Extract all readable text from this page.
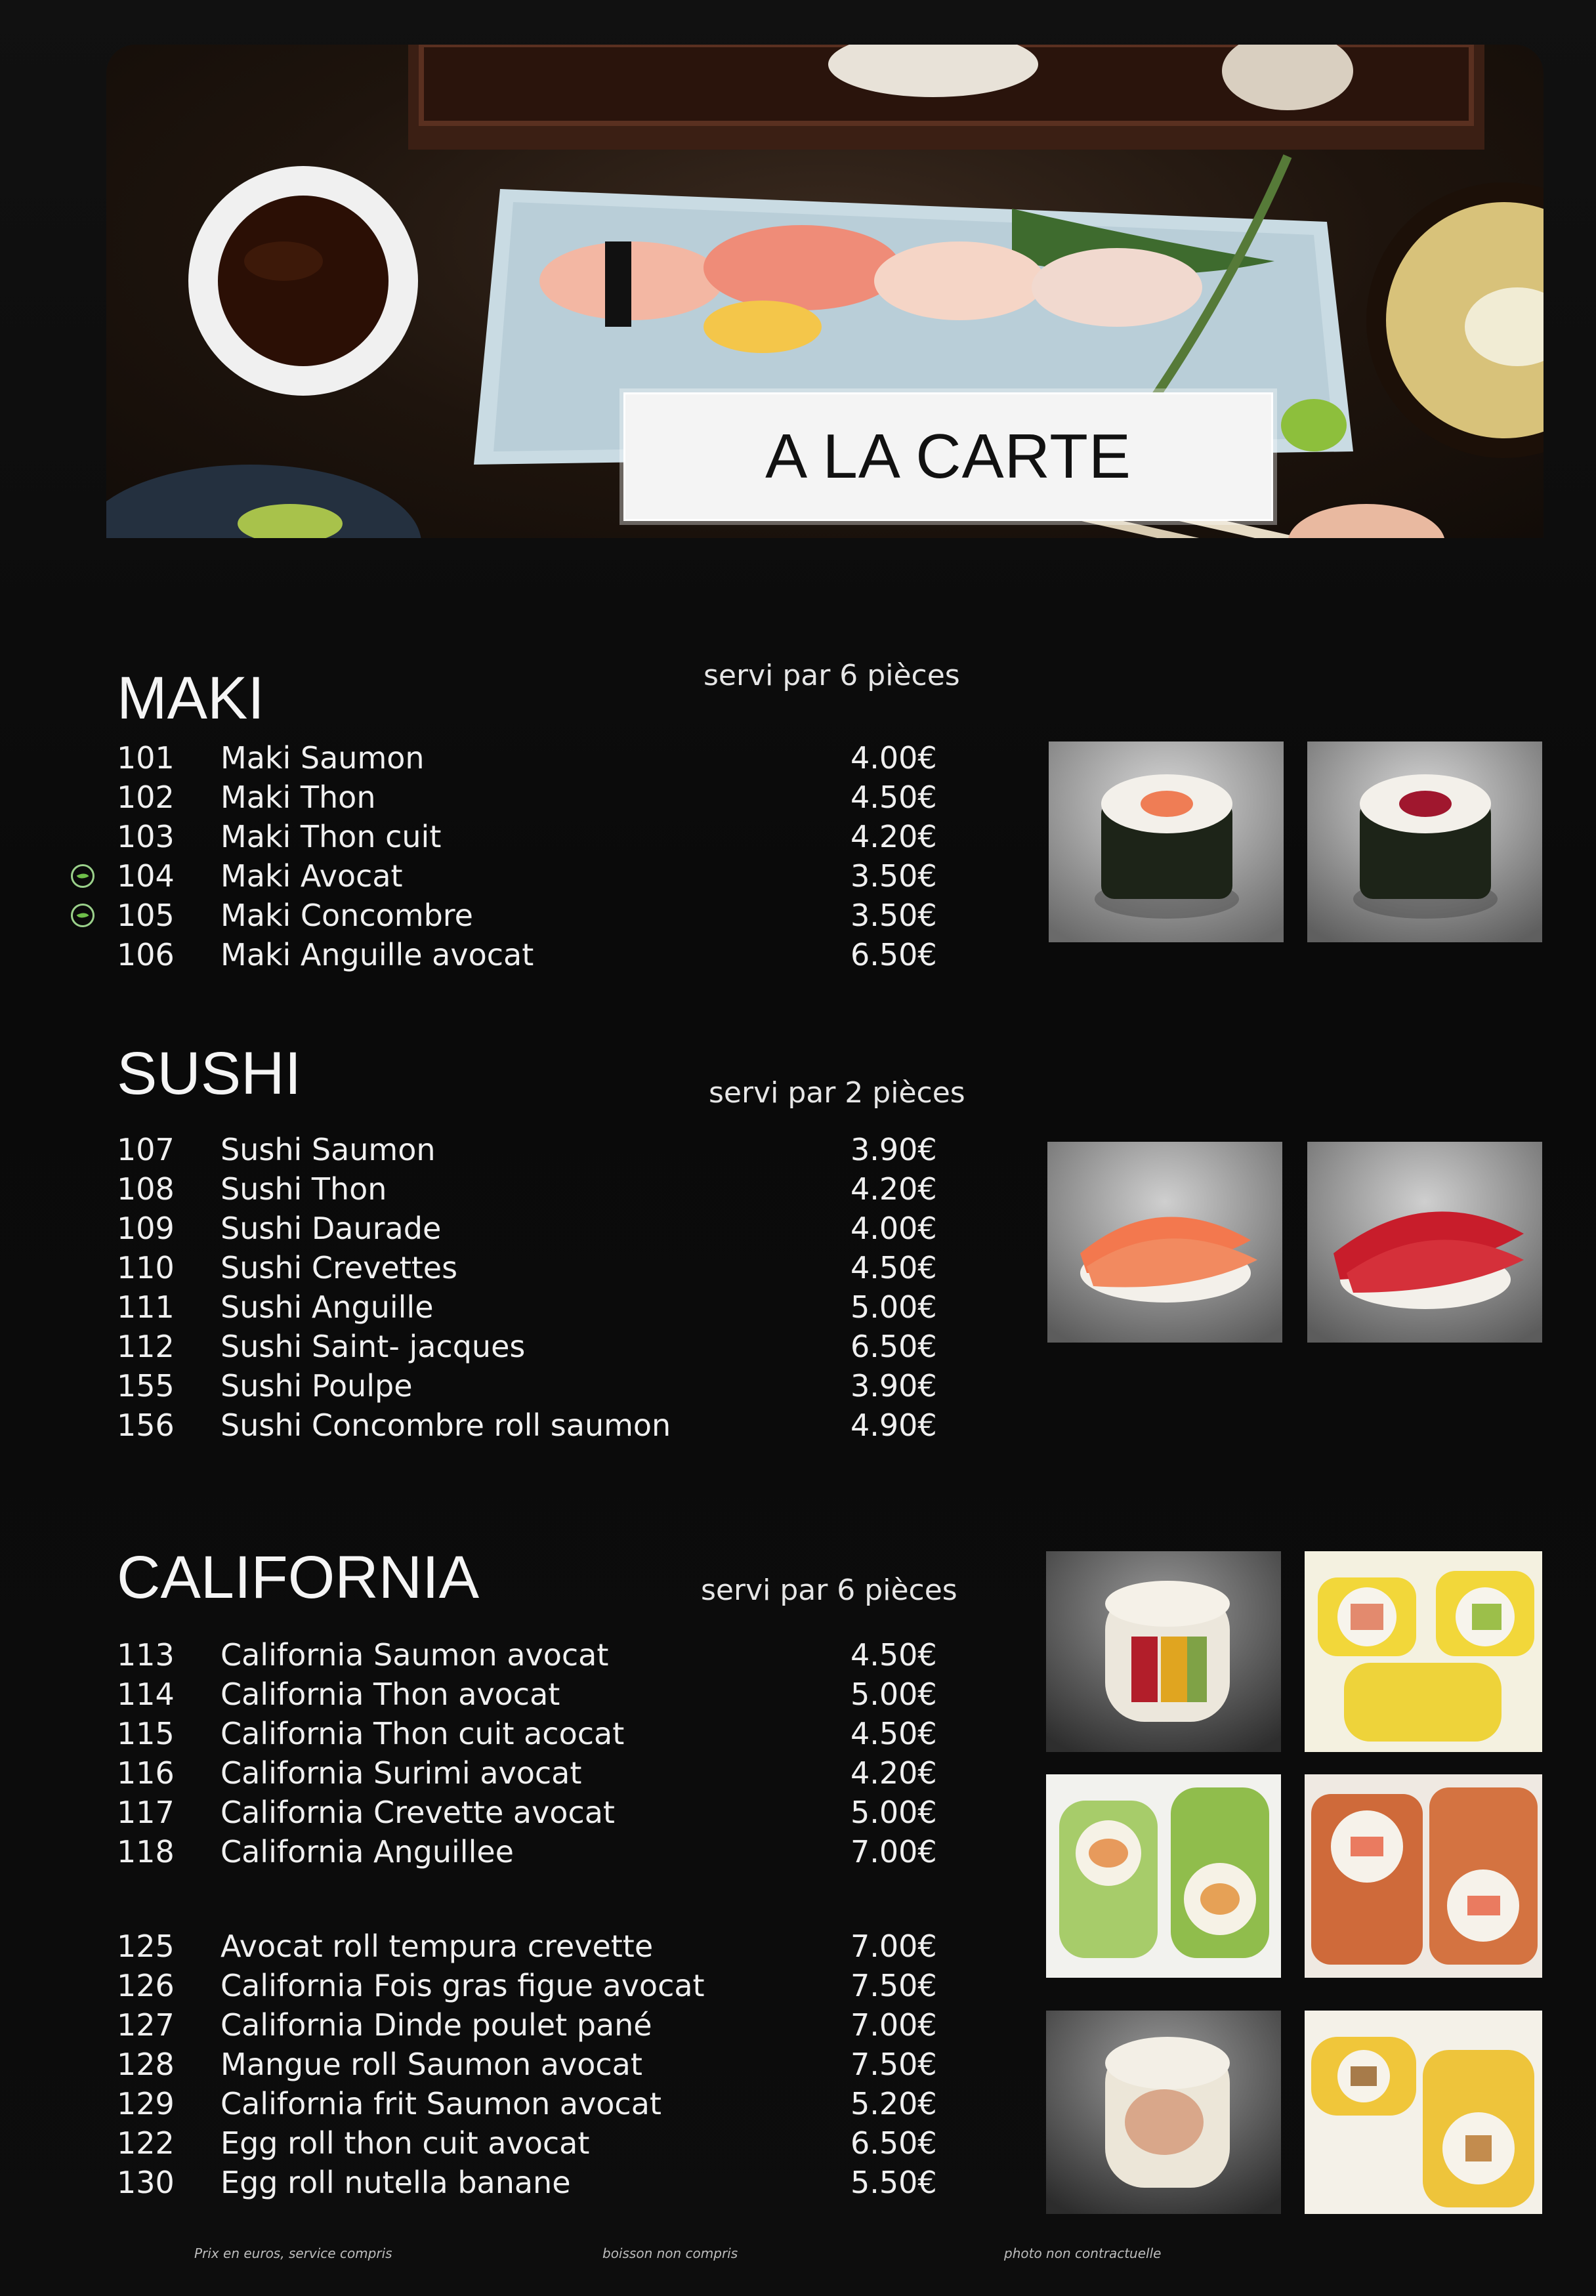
A LA CARTE
MAKI	servi par 6 pièces
101 Maki Saumon	4.00€
102 Maki Thon	4.50€
103 Maki Thon cuit	4.20€
104 Maki Avocat	3.50€
105 Maki Concombre	3.50€
106 Maki Anguille avocat	6.50€
SUSHI	servi par 2 pièces
107 Sushi Saumon	3.90€
108 Sushi Thon	4.20€
109 Sushi Daurade	4.00€
110 Sushi Crevettes	4.50€
111 Sushi Anguille	5.00€
112 Sushi Saint- jacques	6.50€
155 Sushi Poulpe	3.90€
156 Sushi Concombre roll saumon	4.90€
CALIFORNIA	servi par 6 pièces
113 California Saumon avocat	4.50€
114 California Thon avocat	5.00€
115 California Thon cuit acocat	4.50€
116 California Surimi avocat	4.20€
117 California Crevette avocat	5.00€
118 California Anguillee	7.00€
125 Avocat roll tempura crevette	7.00€
126 California Fois gras figue avocat	7.50€
127 California Dinde poulet pané	7.00€
128 Mangue roll Saumon avocat	7.50€
129 California frit Saumon avocat	5.20€
122 Egg roll thon cuit avocat	6.50€
130 Egg roll nutella banane	5.50€
Prix en euros, service compris	boisson non compris	photo non contractuelle
